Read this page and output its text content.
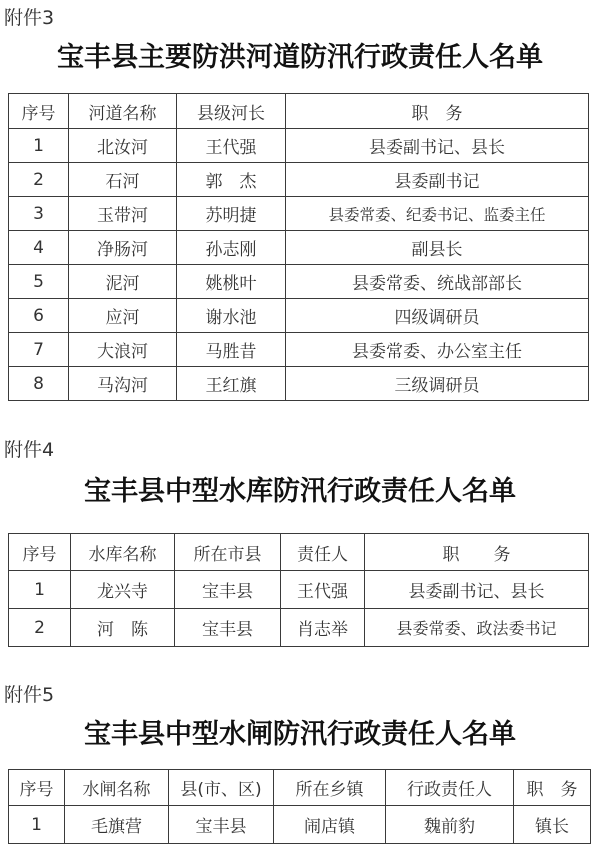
附件3
宝丰县主要防洪河道防汛行政责任人名单
序号	河道名称	县级河长	职　务
1	北汝河	王代强	县委副书记、县长
2	石河	郭　杰	县委副书记
3	玉带河	苏明捷	县委常委、纪委书记、监委主任
4	净肠河	孙志刚	副县长
5	泥河	姚桃叶	县委常委、统战部部长
6	应河	谢水池	四级调研员
7	大浪河	马胜昔	县委常委、办公室主任
8	马沟河	王红旗	三级调研员
附件4
宝丰县中型水库防汛行政责任人名单
序号	水库名称	所在市县	责任人	职　　务
1	龙兴寺	宝丰县	王代强	县委副书记、县长
2	河　陈	宝丰县	肖志举	县委常委、政法委书记
附件5
宝丰县中型水闸防汛行政责任人名单
序号	水闸名称	县(市、区)	所在乡镇	行政责任人	职　务
1	毛旗营	宝丰县	闹店镇	魏前豹	镇长
